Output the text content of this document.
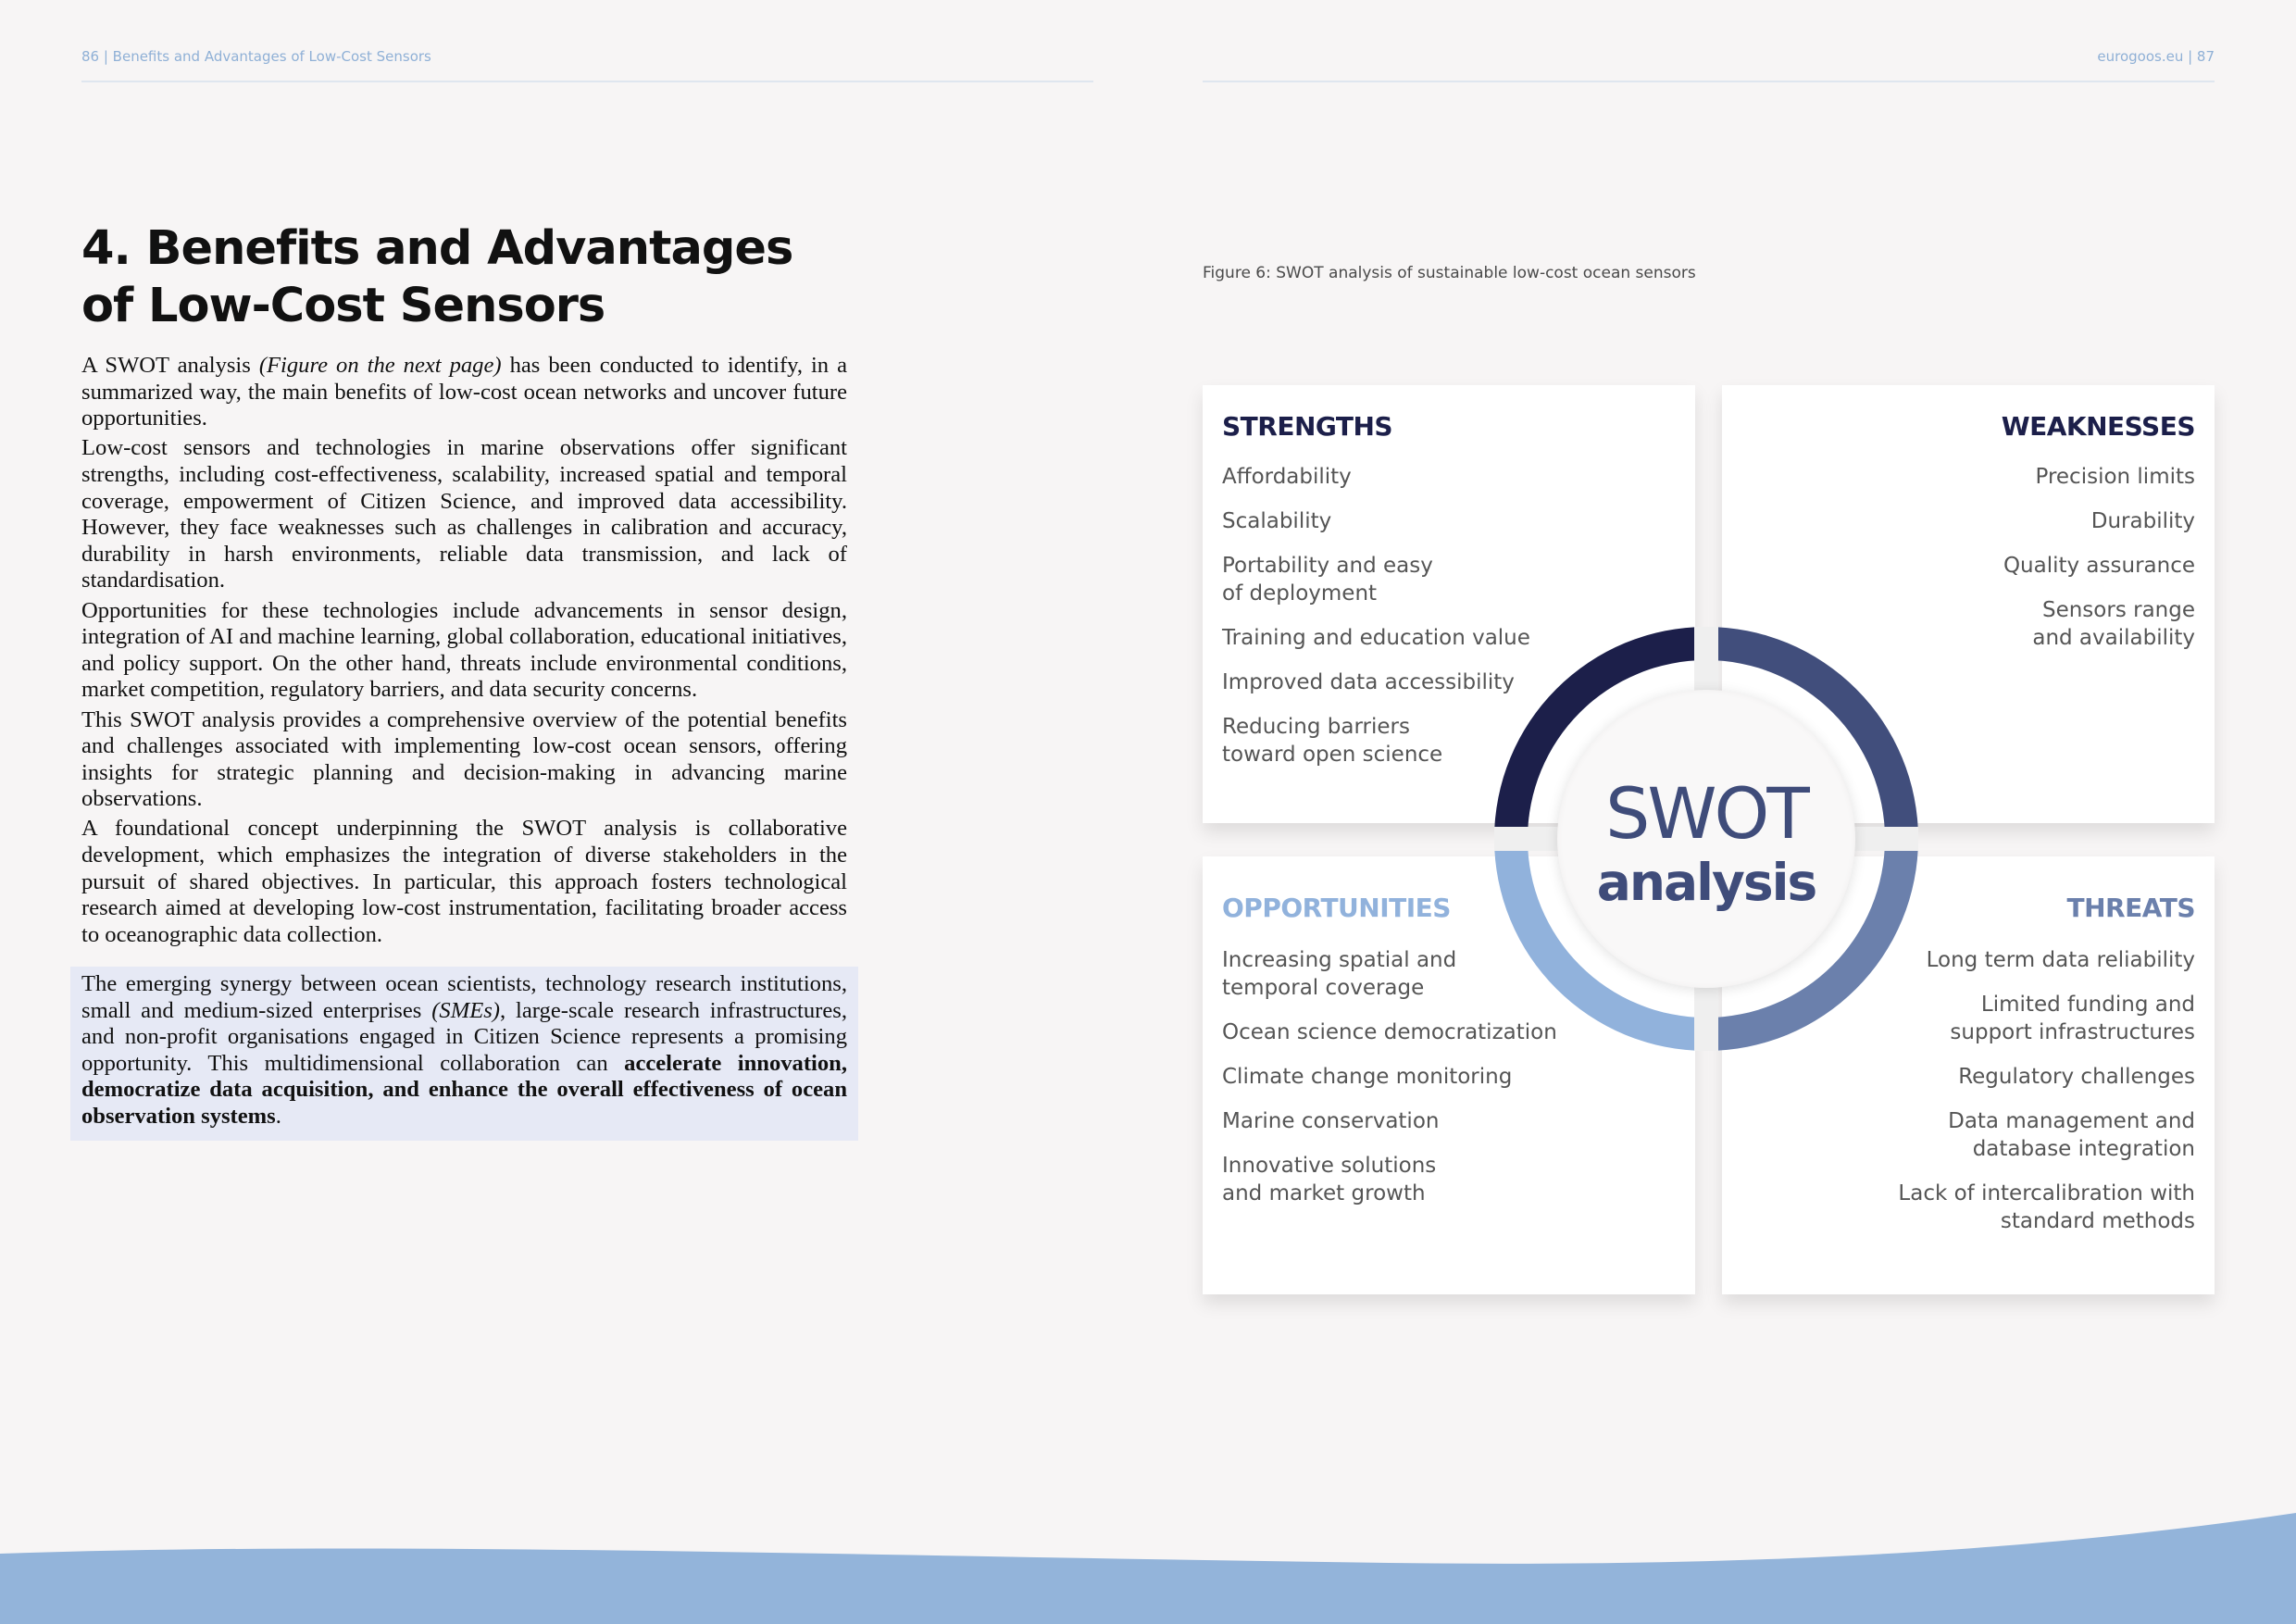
86 | Benefits and Advantages of Low-Cost Sensors	eurogoos.eu | 87
4. Benefits and Advantages
of Low-Cost Sensors

A SWOT analysis (Figure on the next page) has been conducted to identify, in a summarized way, the main benefits of low-cost ocean networks and uncover future opportunities.

Low-cost sensors and technologies in marine observations offer significant strengths, including cost-effectiveness, scalability, increased spatial and temporal coverage, empowerment of Citizen Science, and improved data accessibility. However, they face weaknesses such as challenges in calibration and accuracy, durability in harsh environments, reliable data transmission, and lack of standardisation.

Opportunities for these technologies include advancements in sensor design, integration of AI and machine learning, global collaboration, educational initiatives, and policy support. On the other hand, threats include environmental conditions, market competition, regulatory barriers, and data security concerns.

This SWOT analysis provides a comprehensive overview of the potential benefits and challenges associated with implementing low-cost ocean sensors, offering insights for strategic planning and decision-making in advancing marine observations.

A foundational concept underpinning the SWOT analysis is collaborative development, which emphasizes the integration of diverse stakeholders in the pursuit of shared objectives. In particular, this approach fosters technological research aimed at developing low-cost instrumentation, facilitating broader access to oceanographic data collection.

The emerging synergy between ocean scientists, technology research institutions, small and medium-sized enterprises (SMEs), large-scale research infrastructures, and non-profit organisations engaged in Citizen Science represents a promising opportunity. This multidimensional collaboration can accelerate innovation, democratize data acquisition, and enhance the overall effectiveness of ocean observation systems.

Figure 6: SWOT analysis of sustainable low-cost ocean sensors
STRENGTHS
Affordability
Scalability
Portability and easy
of deployment
Training and education value
Improved data accessibility
Reducing barriers
toward open science
WEAKNESSES
Precision limits
Durability
Quality assurance
Sensors range
and availability
OPPORTUNITIES
Increasing spatial and
temporal coverage
Ocean science democratization
Climate change monitoring
Marine conservation
Innovative solutions
and market growth
THREATS
Long term data reliability
Limited funding and
support infrastructures
Regulatory challenges
Data management and
database integration
Lack of intercalibration with
standard methods
SWOT
analysis
